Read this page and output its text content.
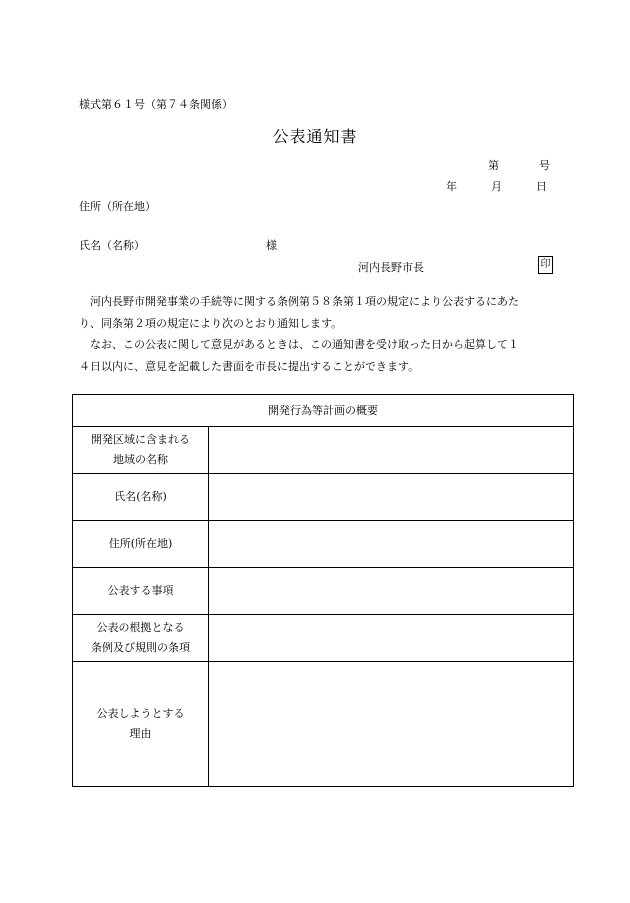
様式第６１号（第７４条関係）
公表通知書
第	号
年	月	日
住所（所在地）
氏名（名称）	様
河内長野市長	印
　河内長野市開発事業の手続等に関する条例第５８条第１項の規定により公表するにあた
り、同条第２項の規定により次のとおり通知します。
　なお、この公表に関して意見があるときは、この通知書を受け取った日から起算して１
４日以内に、意見を記載した書面を市長に提出することができます。
開発行為等計画の概要
開発区域に含まれる
地域の名称
氏名(名称)
住所(所在地)
公表する事項
公表の根拠となる
条例及び規則の条項
公表しようとする
理由
